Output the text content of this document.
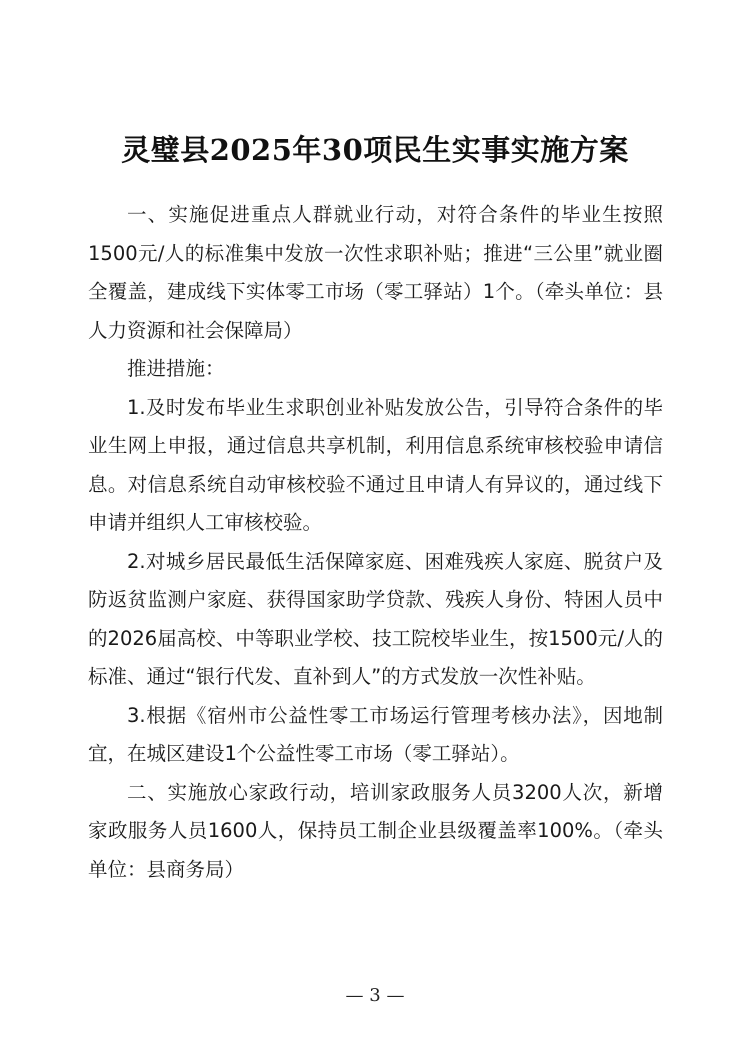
灵璧县2025年30项民生实事实施方案

一、实施促进重点人群就业行动，对符合条件的毕业生按照1500元/人的标准集中发放一次性求职补贴；推进“三公里”就业圈全覆盖，建成线下实体零工市场（零工驿站）1个。（牵头单位：县人力资源和社会保障局）

推进措施：

1.及时发布毕业生求职创业补贴发放公告，引导符合条件的毕业生网上申报，通过信息共享机制，利用信息系统审核校验申请信息。对信息系统自动审核校验不通过且申请人有异议的，通过线下申请并组织人工审核校验。

2.对城乡居民最低生活保障家庭、困难残疾人家庭、脱贫户及防返贫监测户家庭、获得国家助学贷款、残疾人身份、特困人员中的2026届高校、中等职业学校、技工院校毕业生，按1500元/人的标准、通过“银行代发、直补到人”的方式发放一次性补贴。

3.根据《宿州市公益性零工市场运行管理考核办法》，因地制宜，在城区建设1个公益性零工市场（零工驿站）。

二、实施放心家政行动，培训家政服务人员3200人次，新增家政服务人员1600人，保持员工制企业县级覆盖率100%。（牵头单位：县商务局）

— 3 —
